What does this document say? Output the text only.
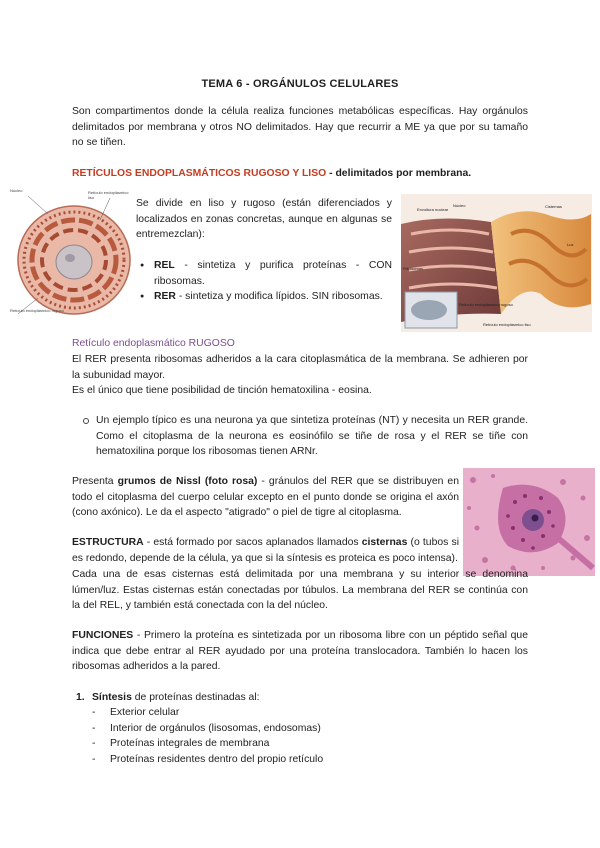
TEMA 6 - ORGÁNULOS CELULARES
Son compartimentos donde la célula realiza funciones metabólicas específicas. Hay orgánulos delimitados por membrana y otros NO delimitados. Hay que recurrir a ME ya que por su tamaño no se tiñen.
RETÍCULOS ENDOPLASMÁTICOS RUGOSO Y LISO - delimitados por membrana.
Núcleo	Retículo endoplásmico liso
Retículo endoplásmico rugoso
Se divide en liso y rugoso (están diferenciados y localizados en zonas concretas, aunque en algunas se entremezclan):
● REL - sintetiza y purifica proteínas - CON ribosomas.
● RER - sintetiza y modifica lípidos. SIN ribosomas.
Envoltura nuclear
Núcleo	Cisternas
Luz
Ribosomas
Retículo endoplásmico rugoso
Retículo endoplásmico liso
Retículo endoplasmático RUGOSO
El RER presenta ribosomas adheridos a la cara citoplasmática de la membrana. Se adhieren por la subunidad mayor.
Es el único que tiene posibilidad de tinción hematoxilina - eosina.
Un ejemplo típico es una neurona ya que sintetiza proteínas (NT) y necesita un RER grande. Como el citoplasma de la neurona es eosinófilo se tiñe de rosa y el RER se tiñe con hematoxilina porque los ribosomas tienen ARNr.
Presenta grumos de Nissl (foto rosa) - gránulos del RER que se distribuyen en todo el citoplasma del cuerpo celular excepto en el punto donde se origina el axón (cono axónico). Le da el aspecto "atigrado" o piel de tigre al citoplasma.
ESTRUCTURA - está formado por sacos aplanados llamados cisternas (o tubos si es redondo, depende de la célula, ya que si la síntesis es proteica es poco intensa).
Cada una de esas cisternas está delimitada por una membrana y su interior se denomina lúmen/luz. Estas cisternas están conectadas por túbulos. La membrana del RER se continúa con la del REL, y también está conectada con la del núcleo.
FUNCIONES - Primero la proteína es sintetizada por un ribosoma libre con un péptido señal que indica que debe entrar al RER ayudado por una proteína translocadora. También lo hacen los ribosomas adheridos a la pared.
1. Síntesis de proteínas destinadas al:
- Exterior celular
- Interior de orgánulos (lisosomas, endosomas)
- Proteínas integrales de membrana
- Proteínas residentes dentro del propio retículo
